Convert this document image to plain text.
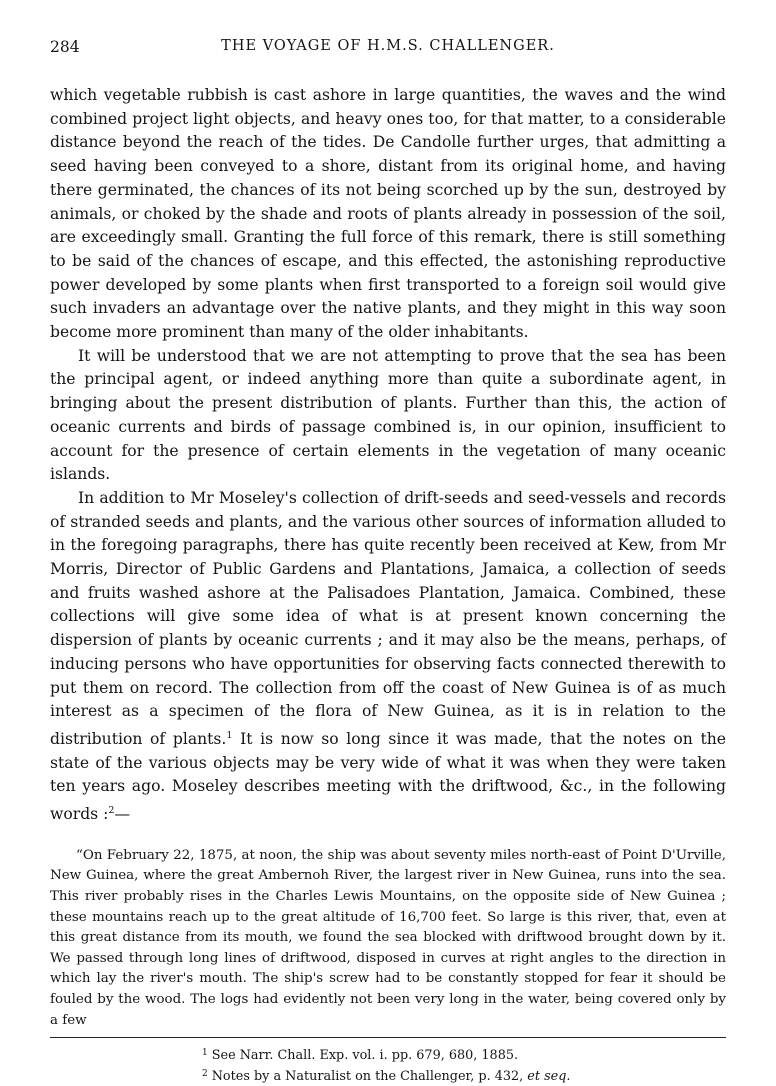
284	THE VOYAGE OF H.M.S. CHALLENGER.

which vegetable rubbish is cast ashore in large quantities, the waves and the wind combined project light objects, and heavy ones too, for that matter, to a considerable distance beyond the reach of the tides. De Candolle further urges, that admitting a seed having been conveyed to a shore, distant from its original home, and having there germinated, the chances of its not being scorched up by the sun, destroyed by animals, or choked by the shade and roots of plants already in possession of the soil, are exceedingly small. Granting the full force of this remark, there is still something to be said of the chances of escape, and this effected, the astonishing reproductive power developed by some plants when first transported to a foreign soil would give such invaders an advantage over the native plants, and they might in this way soon become more prominent than many of the older inhabitants.

It will be understood that we are not attempting to prove that the sea has been the principal agent, or indeed anything more than quite a subordinate agent, in bringing about the present distribution of plants. Further than this, the action of oceanic currents and birds of passage combined is, in our opinion, insufficient to account for the presence of certain elements in the vegetation of many oceanic islands.

In addition to Mr Moseley's collection of drift-seeds and seed-vessels and records of stranded seeds and plants, and the various other sources of information alluded to in the foregoing paragraphs, there has quite recently been received at Kew, from Mr Morris, Director of Public Gardens and Plantations, Jamaica, a collection of seeds and fruits washed ashore at the Palisadoes Plantation, Jamaica. Combined, these collections will give some idea of what is at present known concerning the dispersion of plants by oceanic currents ; and it may also be the means, perhaps, of inducing persons who have opportunities for observing facts connected therewith to put them on record. The collection from off the coast of New Guinea is of as much interest as a specimen of the flora of New Guinea, as it is in relation to the distribution of plants.$^1$ It is now so long since it was made, that the notes on the state of the various objects may be very wide of what it was when they were taken ten years ago. Moseley describes meeting with the driftwood, &c., in the following words :$^2$—

“On February 22, 1875, at noon, the ship was about seventy miles north-east of Point D'Urville, New Guinea, where the great Ambernoh River, the largest river in New Guinea, runs into the sea. This river probably rises in the Charles Lewis Mountains, on the opposite side of New Guinea ; these mountains reach up to the great altitude of 16,700 feet. So large is this river, that, even at this great distance from its mouth, we found the sea blocked with driftwood brought down by it. We passed through long lines of driftwood, disposed in curves at right angles to the direction in which lay the river's mouth. The ship's screw had to be constantly stopped for fear it should be fouled by the wood. The logs had evidently not been very long in the water, being covered only by a few

$^1$ See Narr. Chall. Exp. vol. i. pp. 679, 680, 1885.
$^2$ Notes by a Naturalist on the Challenger, p. 432, et seq.
